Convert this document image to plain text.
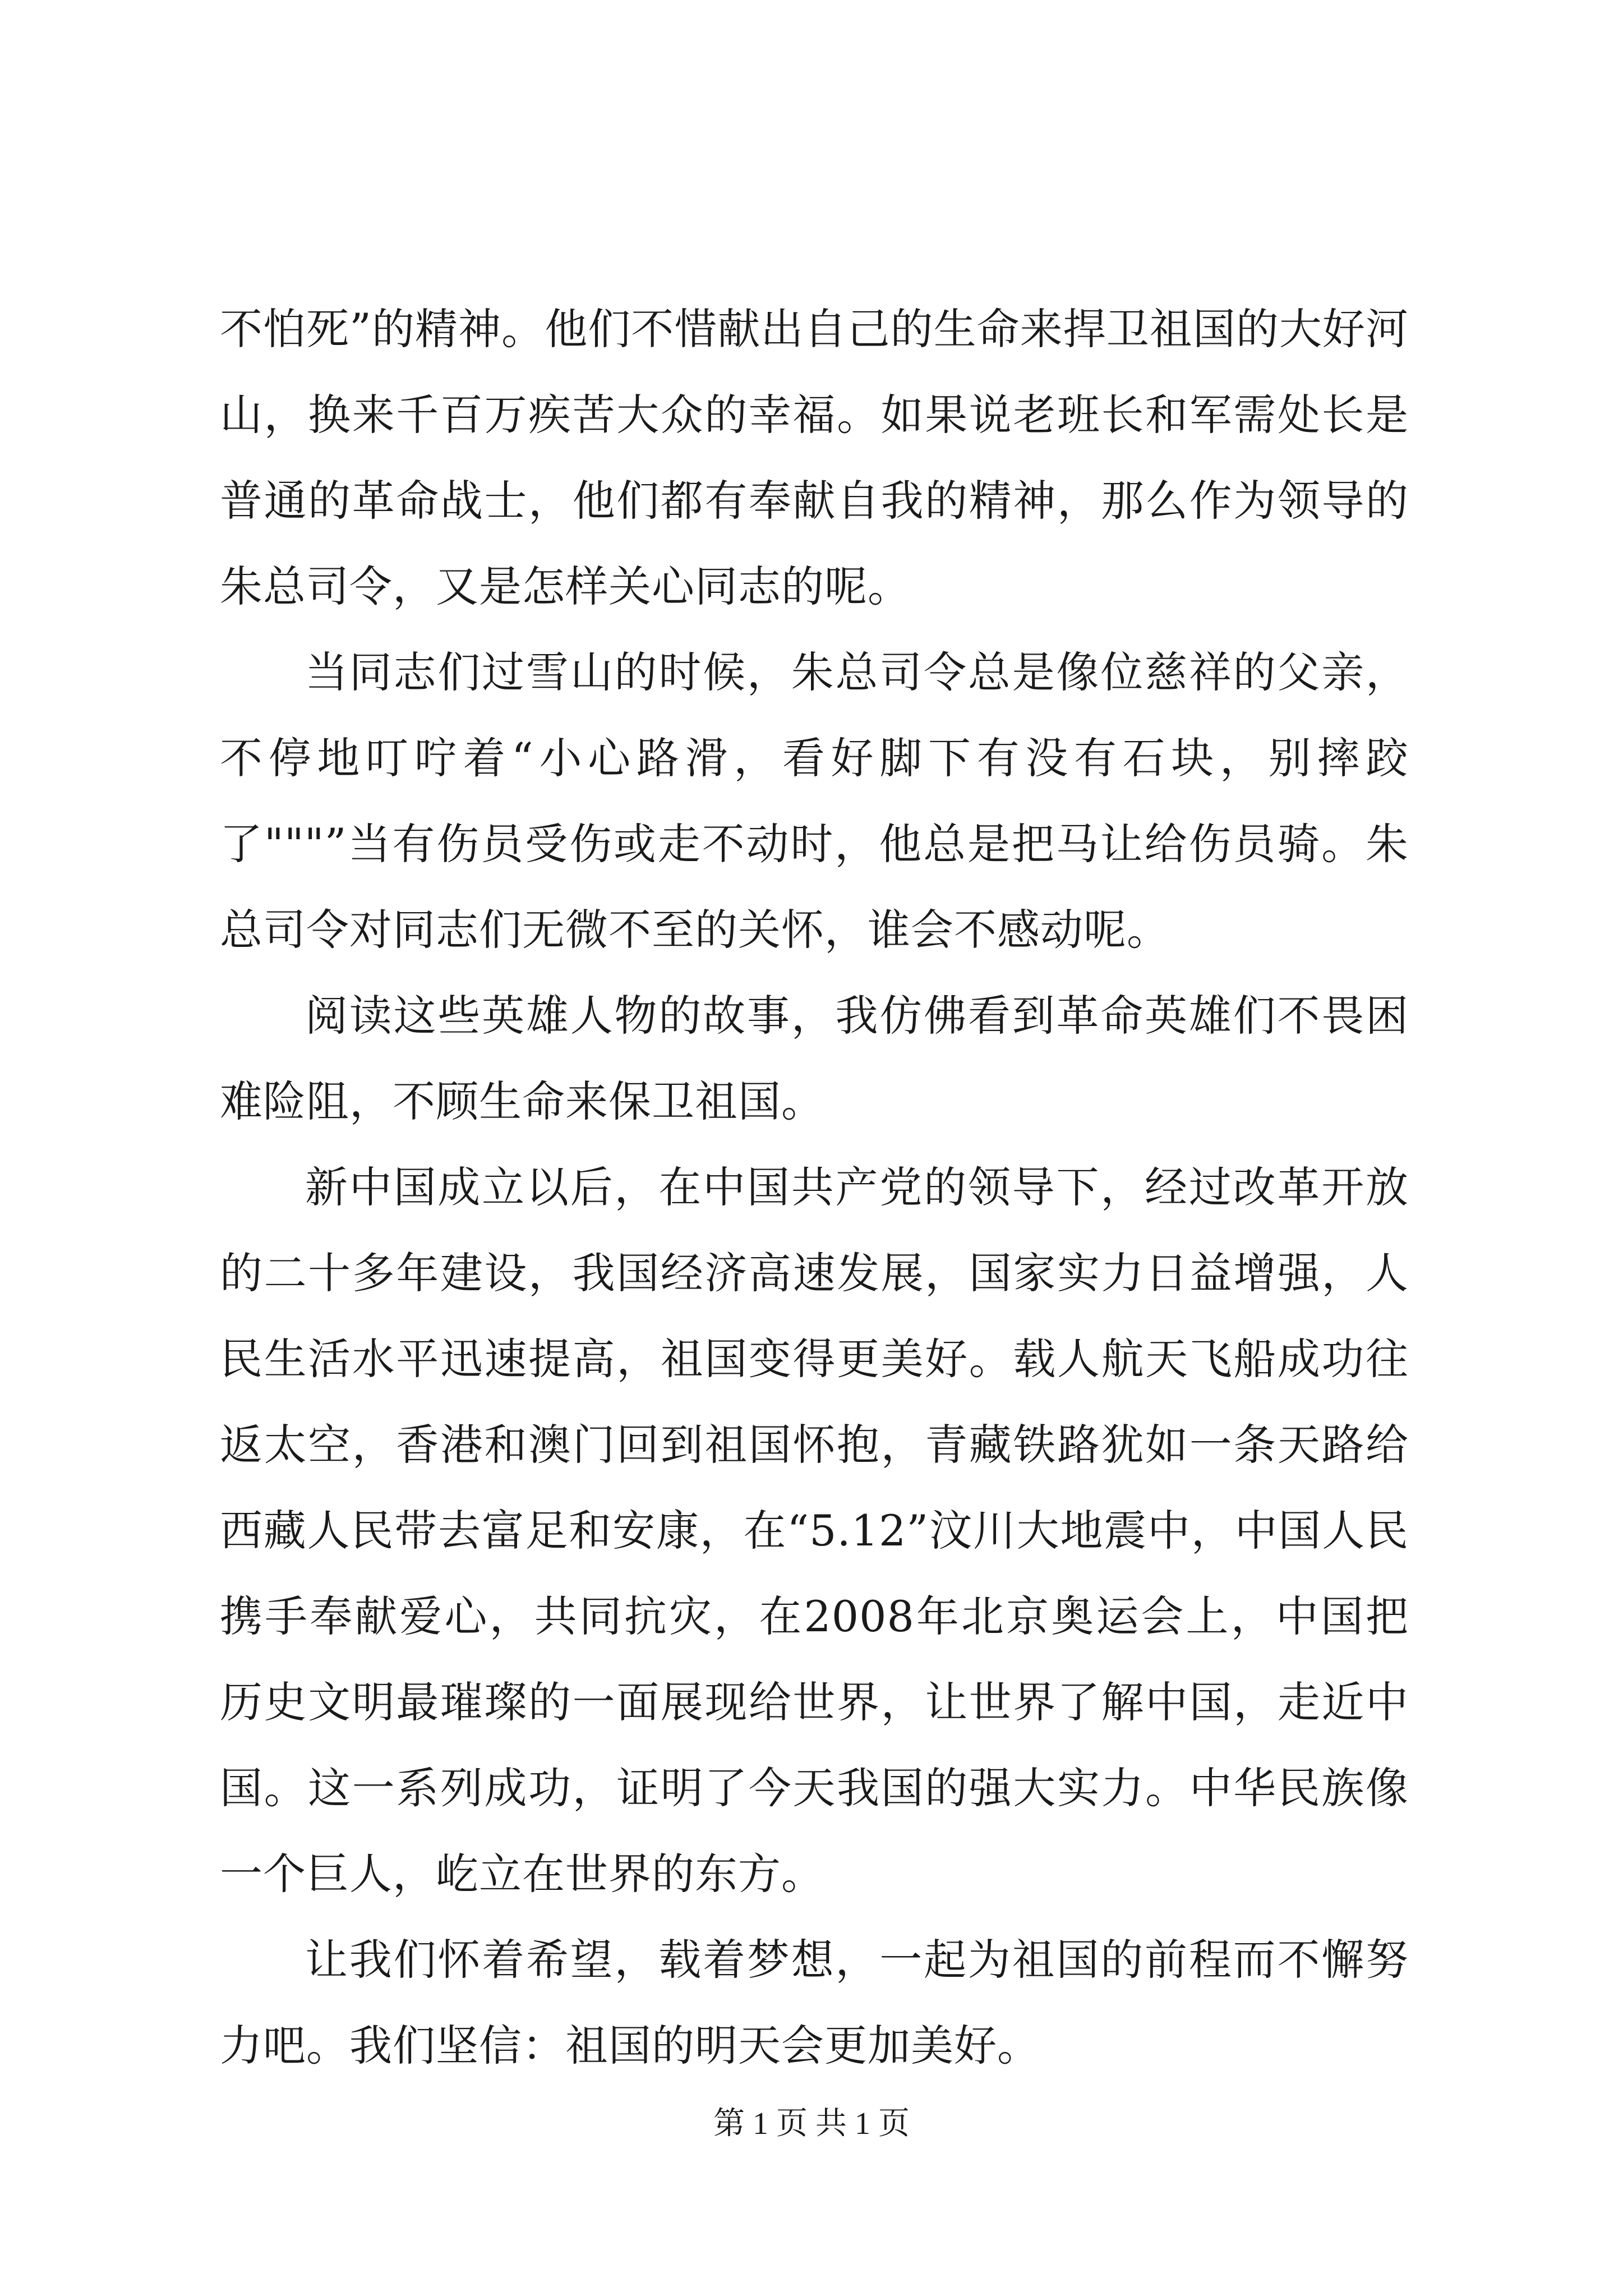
不怕死”的精神。他们不惜献出自己的生命来捍卫祖国的大好河山，换来千百万疾苦大众的幸福。如果说老班长和军需处长是普通的革命战士，他们都有奉献自我的精神，那么作为领导的朱总司令，又是怎样关心同志的呢。

当同志们过雪山的时候，朱总司令总是像位慈祥的父亲，不停地叮咛着“小心路滑，看好脚下有没有石块，别摔跤了"""”当有伤员受伤或走不动时，他总是把马让给伤员骑。朱总司令对同志们无微不至的关怀，谁会不感动呢。

阅读这些英雄人物的故事，我仿佛看到革命英雄们不畏困难险阻，不顾生命来保卫祖国。

新中国成立以后，在中国共产党的领导下，经过改革开放的二十多年建设，我国经济高速发展，国家实力日益增强，人民生活水平迅速提高，祖国变得更美好。载人航天飞船成功往返太空，香港和澳门回到祖国怀抱，青藏铁路犹如一条天路给西藏人民带去富足和安康，在“5.12”汶川大地震中，中国人民携手奉献爱心，共同抗灾，在2008年北京奥运会上，中国把历史文明最璀璨的一面展现给世界，让世界了解中国，走近中国。这一系列成功，证明了今天我国的强大实力。中华民族像一个巨人，屹立在世界的东方。

让我们怀着希望，载着梦想，一起为祖国的前程而不懈努力吧。我们坚信：祖国的明天会更加美好。

第 1 页 共 1 页
